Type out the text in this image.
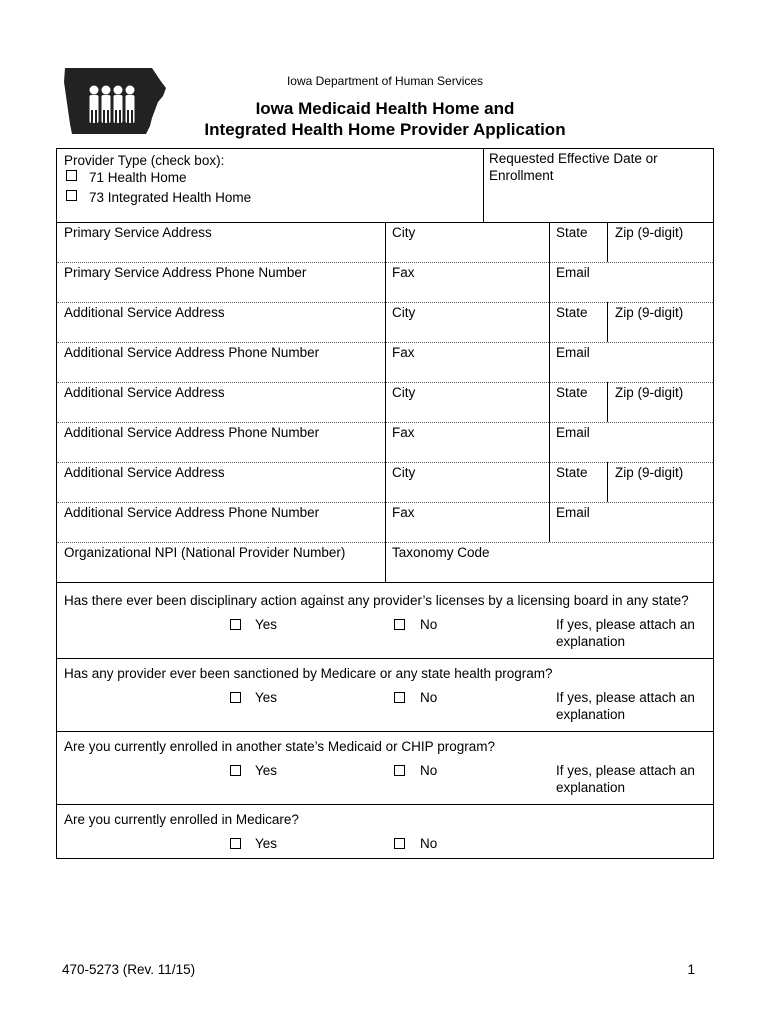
Iowa Department of Human Services
Iowa Medicaid Health Home and
Integrated Health Home Provider Application
Provider Type (check box):
71 Health Home
73 Integrated Health Home
Requested Effective Date or Enrollment
Primary Service Address	City	State Zip (9-digit)
Primary Service Address Phone Number	Fax	Email
Additional Service Address	City	State Zip (9-digit)
Additional Service Address Phone Number	Fax	Email
Additional Service Address	City	State Zip (9-digit)
Additional Service Address Phone Number	Fax	Email
Additional Service Address	City	State Zip (9-digit)
Additional Service Address Phone Number	Fax	Email
Organizational NPI (National Provider Number)	Taxonomy Code
Has there ever been disciplinary action against any provider’s licenses by a licensing board in any state?
Yes	No	If yes, please attach an explanation
Has any provider ever been sanctioned by Medicare or any state health program?
Yes	No	If yes, please attach an explanation
Are you currently enrolled in another state’s Medicaid or CHIP program?
Yes	No	If yes, please attach an explanation
Are you currently enrolled in Medicare?
Yes	No
470-5273 (Rev. 11/15)	1
